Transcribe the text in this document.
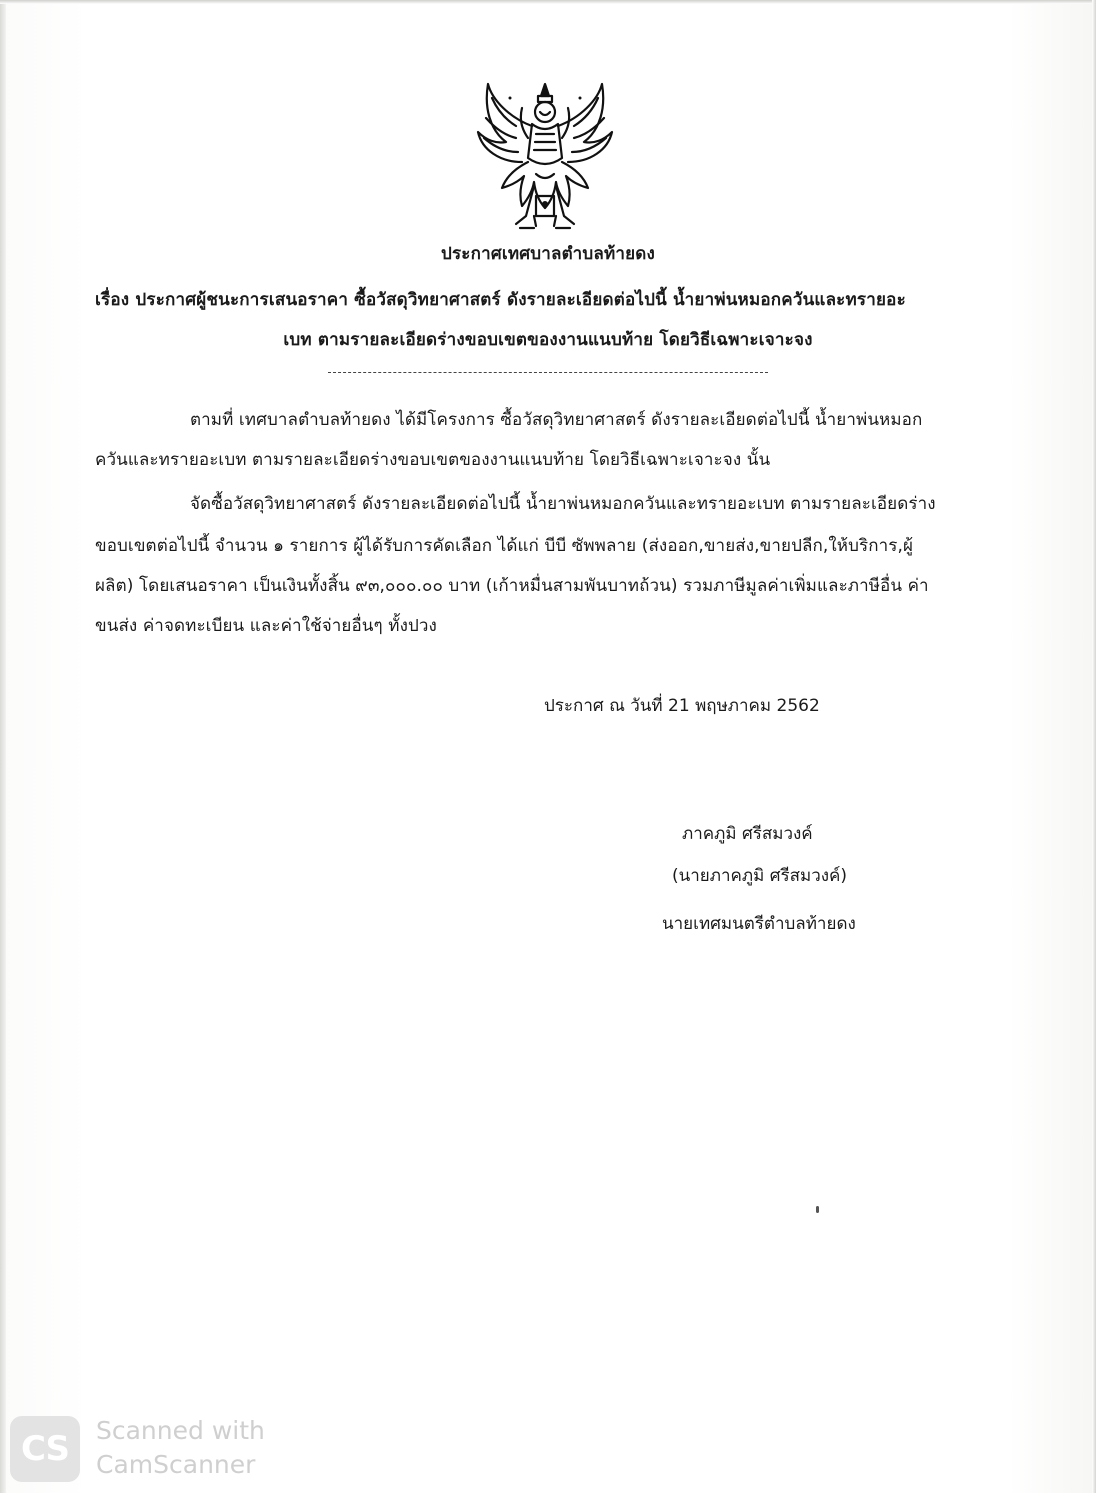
ประกาศเทศบาลตำบลท้ายดง
เรื่อง ประกาศผู้ชนะการเสนอราคา ซื้อวัสดุวิทยาศาสตร์ ดังรายละเอียดต่อไปนี้ น้ำยาพ่นหมอกควันและทรายอะ
เบท ตามรายละเอียดร่างขอบเขตของงานแนบท้าย โดยวิธีเฉพาะเจาะจง
ตามที่ เทศบาลตำบลท้ายดง ได้มีโครงการ ซื้อวัสดุวิทยาศาสตร์ ดังรายละเอียดต่อไปนี้ น้ำยาพ่นหมอก
ควันและทรายอะเบท ตามรายละเอียดร่างขอบเขตของงานแนบท้าย โดยวิธีเฉพาะเจาะจง นั้น
จัดซื้อวัสดุวิทยาศาสตร์ ดังรายละเอียดต่อไปนี้ น้ำยาพ่นหมอกควันและทรายอะเบท ตามรายละเอียดร่าง
ขอบเขตต่อไปนี้ จำนวน ๑ รายการ ผู้ได้รับการคัดเลือก ได้แก่ บีบี ซัพพลาย (ส่งออก,ขายส่ง,ขายปลีก,ให้บริการ,ผู้
ผลิต) โดยเสนอราคา เป็นเงินทั้งสิ้น ๙๓,๐๐๐.๐๐ บาท (เก้าหมื่นสามพันบาทถ้วน) รวมภาษีมูลค่าเพิ่มและภาษีอื่น ค่า
ขนส่ง ค่าจดทะเบียน และค่าใช้จ่ายอื่นๆ ทั้งปวง
ประกาศ ณ วันที่ 21 พฤษภาคม 2562
ภาคภูมิ ศรีสมวงค์
(นายภาคภูมิ ศรีสมวงค์)
นายเทศมนตรีตำบลท้ายดง
CS Scanned with
CamScanner
